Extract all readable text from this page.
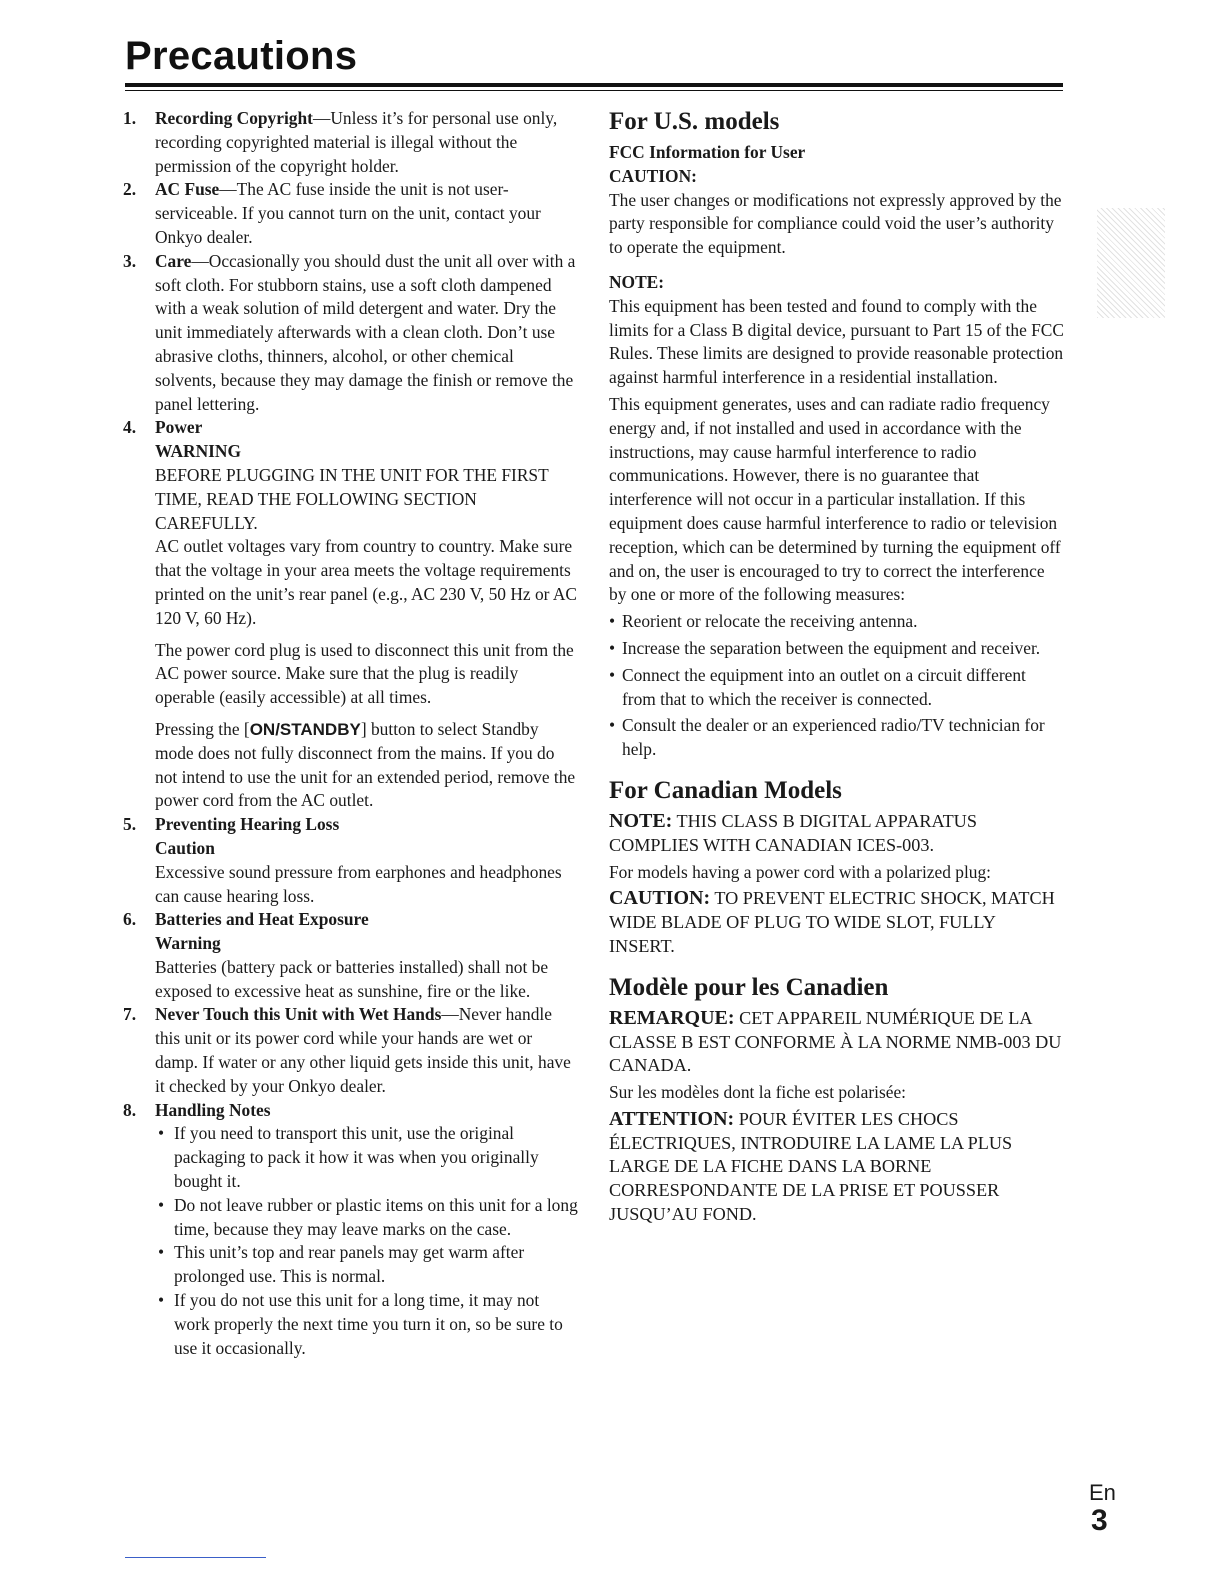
Precautions
1. Recording Copyright—Unless it’s for personal use only, recording copyrighted material is illegal without the permission of the copyright holder.
2. AC Fuse—The AC fuse inside the unit is not user-serviceable. If you cannot turn on the unit, contact your Onkyo dealer.
3. Care—Occasionally you should dust the unit all over with a soft cloth. For stubborn stains, use a soft cloth dampened with a weak solution of mild detergent and water. Dry the unit immediately afterwards with a clean cloth. Don’t use abrasive cloths, thinners, alcohol, or other chemical solvents, because they may damage the finish or remove the panel lettering.
4. Power
WARNING
BEFORE PLUGGING IN THE UNIT FOR THE FIRST TIME, READ THE FOLLOWING SECTION CAREFULLY.
AC outlet voltages vary from country to country. Make sure that the voltage in your area meets the voltage requirements printed on the unit’s rear panel (e.g., AC 230 V, 50 Hz or AC 120 V, 60 Hz).
The power cord plug is used to disconnect this unit from the AC power source. Make sure that the plug is readily operable (easily accessible) at all times.
Pressing the [ON/STANDBY] button to select Standby mode does not fully disconnect from the mains. If you do not intend to use the unit for an extended period, remove the power cord from the AC outlet.
5. Preventing Hearing Loss
Caution
Excessive sound pressure from earphones and headphones can cause hearing loss.
6. Batteries and Heat Exposure
Warning
Batteries (battery pack or batteries installed) shall not be exposed to excessive heat as sunshine, fire or the like.
7. Never Touch this Unit with Wet Hands—Never handle this unit or its power cord while your hands are wet or damp. If water or any other liquid gets inside this unit, have it checked by your Onkyo dealer.
8. Handling Notes
• If you need to transport this unit, use the original packaging to pack it how it was when you originally bought it.
• Do not leave rubber or plastic items on this unit for a long time, because they may leave marks on the case.
• This unit’s top and rear panels may get warm after prolonged use. This is normal.
• If you do not use this unit for a long time, it may not work properly the next time you turn it on, so be sure to use it occasionally.
For U.S. models
FCC Information for User
CAUTION:

The user changes or modifications not expressly approved by the party responsible for compliance could void the user’s authority to operate the equipment.

NOTE:

This equipment has been tested and found to comply with the limits for a Class B digital device, pursuant to Part 15 of the FCC Rules. These limits are designed to provide reasonable protection against harmful interference in a residential installation.

This equipment generates, uses and can radiate radio frequency energy and, if not installed and used in accordance with the instructions, may cause harmful interference to radio communications. However, there is no guarantee that interference will not occur in a particular installation. If this equipment does cause harmful interference to radio or television reception, which can be determined by turning the equipment off and on, the user is encouraged to try to correct the interference by one or more of the following measures:

• Reorient or relocate the receiving antenna.
• Increase the separation between the equipment and receiver.
• Connect the equipment into an outlet on a circuit different from that to which the receiver is connected.
• Consult the dealer or an experienced radio/TV technician for help.
For Canadian Models

NOTE: THIS CLASS B DIGITAL APPARATUS COMPLIES WITH CANADIAN ICES-003.

For models having a power cord with a polarized plug:

CAUTION: TO PREVENT ELECTRIC SHOCK, MATCH WIDE BLADE OF PLUG TO WIDE SLOT, FULLY INSERT.

Modèle pour les Canadien

REMARQUE: CET APPAREIL NUMÉRIQUE DE LA CLASSE B EST CONFORME À LA NORME NMB-003 DU CANADA.

Sur les modèles dont la fiche est polarisée:

ATTENTION: POUR ÉVITER LES CHOCS ÉLECTRIQUES, INTRODUIRE LA LAME LA PLUS LARGE DE LA FICHE DANS LA BORNE CORRESPONDANTE DE LA PRISE ET POUSSER JUSQU’AU FOND.

En
3
